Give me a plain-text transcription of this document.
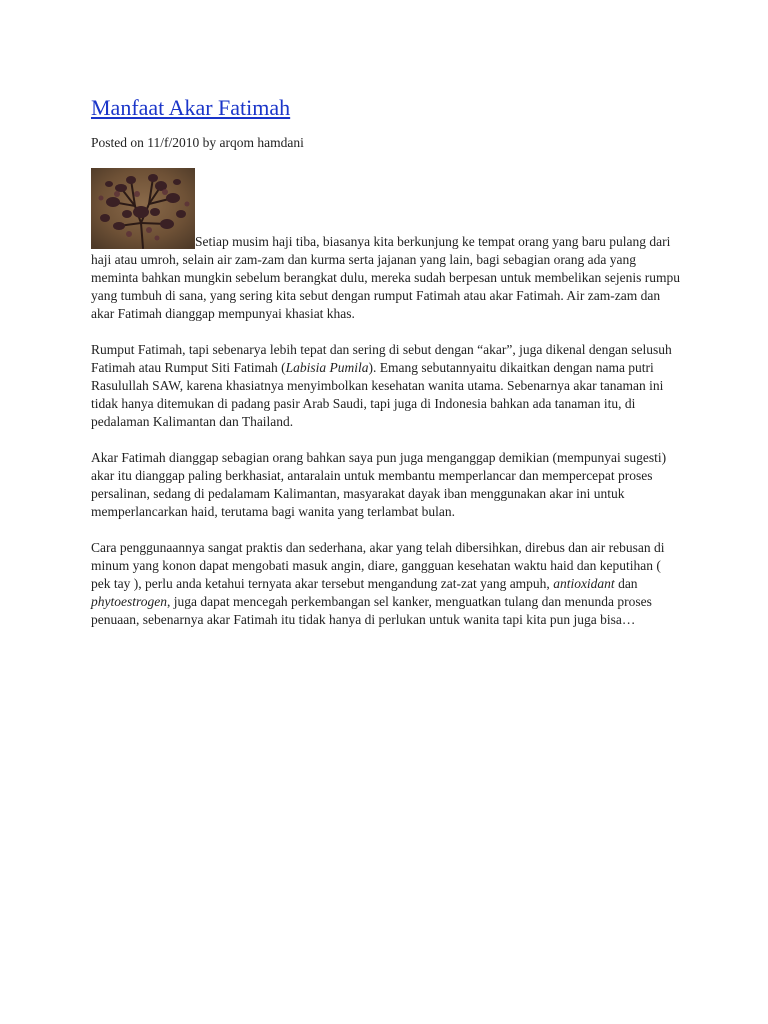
Manfaat Akar Fatimah
Posted on 11/f/2010 by arqom hamdani

Setiap musim haji tiba, biasanya kita berkunjung ke tempat orang yang baru pulang dari haji atau umroh, selain air zam-zam dan kurma serta jajanan yang lain, bagi sebagian orang ada yang meminta bahkan mungkin sebelum berangkat dulu, mereka sudah berpesan untuk membelikan sejenis rumpu yang tumbuh di sana, yang sering kita sebut dengan rumput Fatimah atau akar Fatimah. Air zam-zam dan akar Fatimah dianggap mempunyai khasiat khas.

Rumput Fatimah, tapi sebenarya lebih tepat dan sering di sebut dengan “akar”, juga dikenal dengan selusuh Fatimah atau Rumput Siti Fatimah (Labisia Pumila). Emang sebutannyaitu dikaitkan dengan nama putri Rasulullah SAW, karena khasiatnya menyimbolkan kesehatan wanita utama. Sebenarnya akar tanaman ini tidak hanya ditemukan di padang pasir Arab Saudi, tapi juga di Indonesia bahkan ada tanaman itu, di pedalaman Kalimantan dan Thailand.

Akar Fatimah dianggap sebagian orang bahkan saya pun juga menganggap demikian (mempunyai sugesti) akar itu dianggap paling berkhasiat, antaralain untuk membantu memperlancar dan mempercepat proses persalinan, sedang di pedalamam Kalimantan, masyarakat dayak iban menggunakan akar ini untuk memperlancarkan haid, terutama bagi wanita yang terlambat bulan.

Cara penggunaannya sangat praktis dan sederhana, akar yang telah dibersihkan, direbus dan air rebusan di minum yang konon dapat mengobati masuk angin, diare, gangguan kesehatan waktu haid dan keputihan ( pek tay ), perlu anda ketahui ternyata akar tersebut mengandung zat-zat yang ampuh, antioxidant dan phytoestrogen, juga dapat mencegah perkembangan sel kanker, menguatkan tulang dan menunda proses penuaan, sebenarnya akar Fatimah itu tidak hanya di perlukan untuk wanita tapi kita pun juga bisa…
